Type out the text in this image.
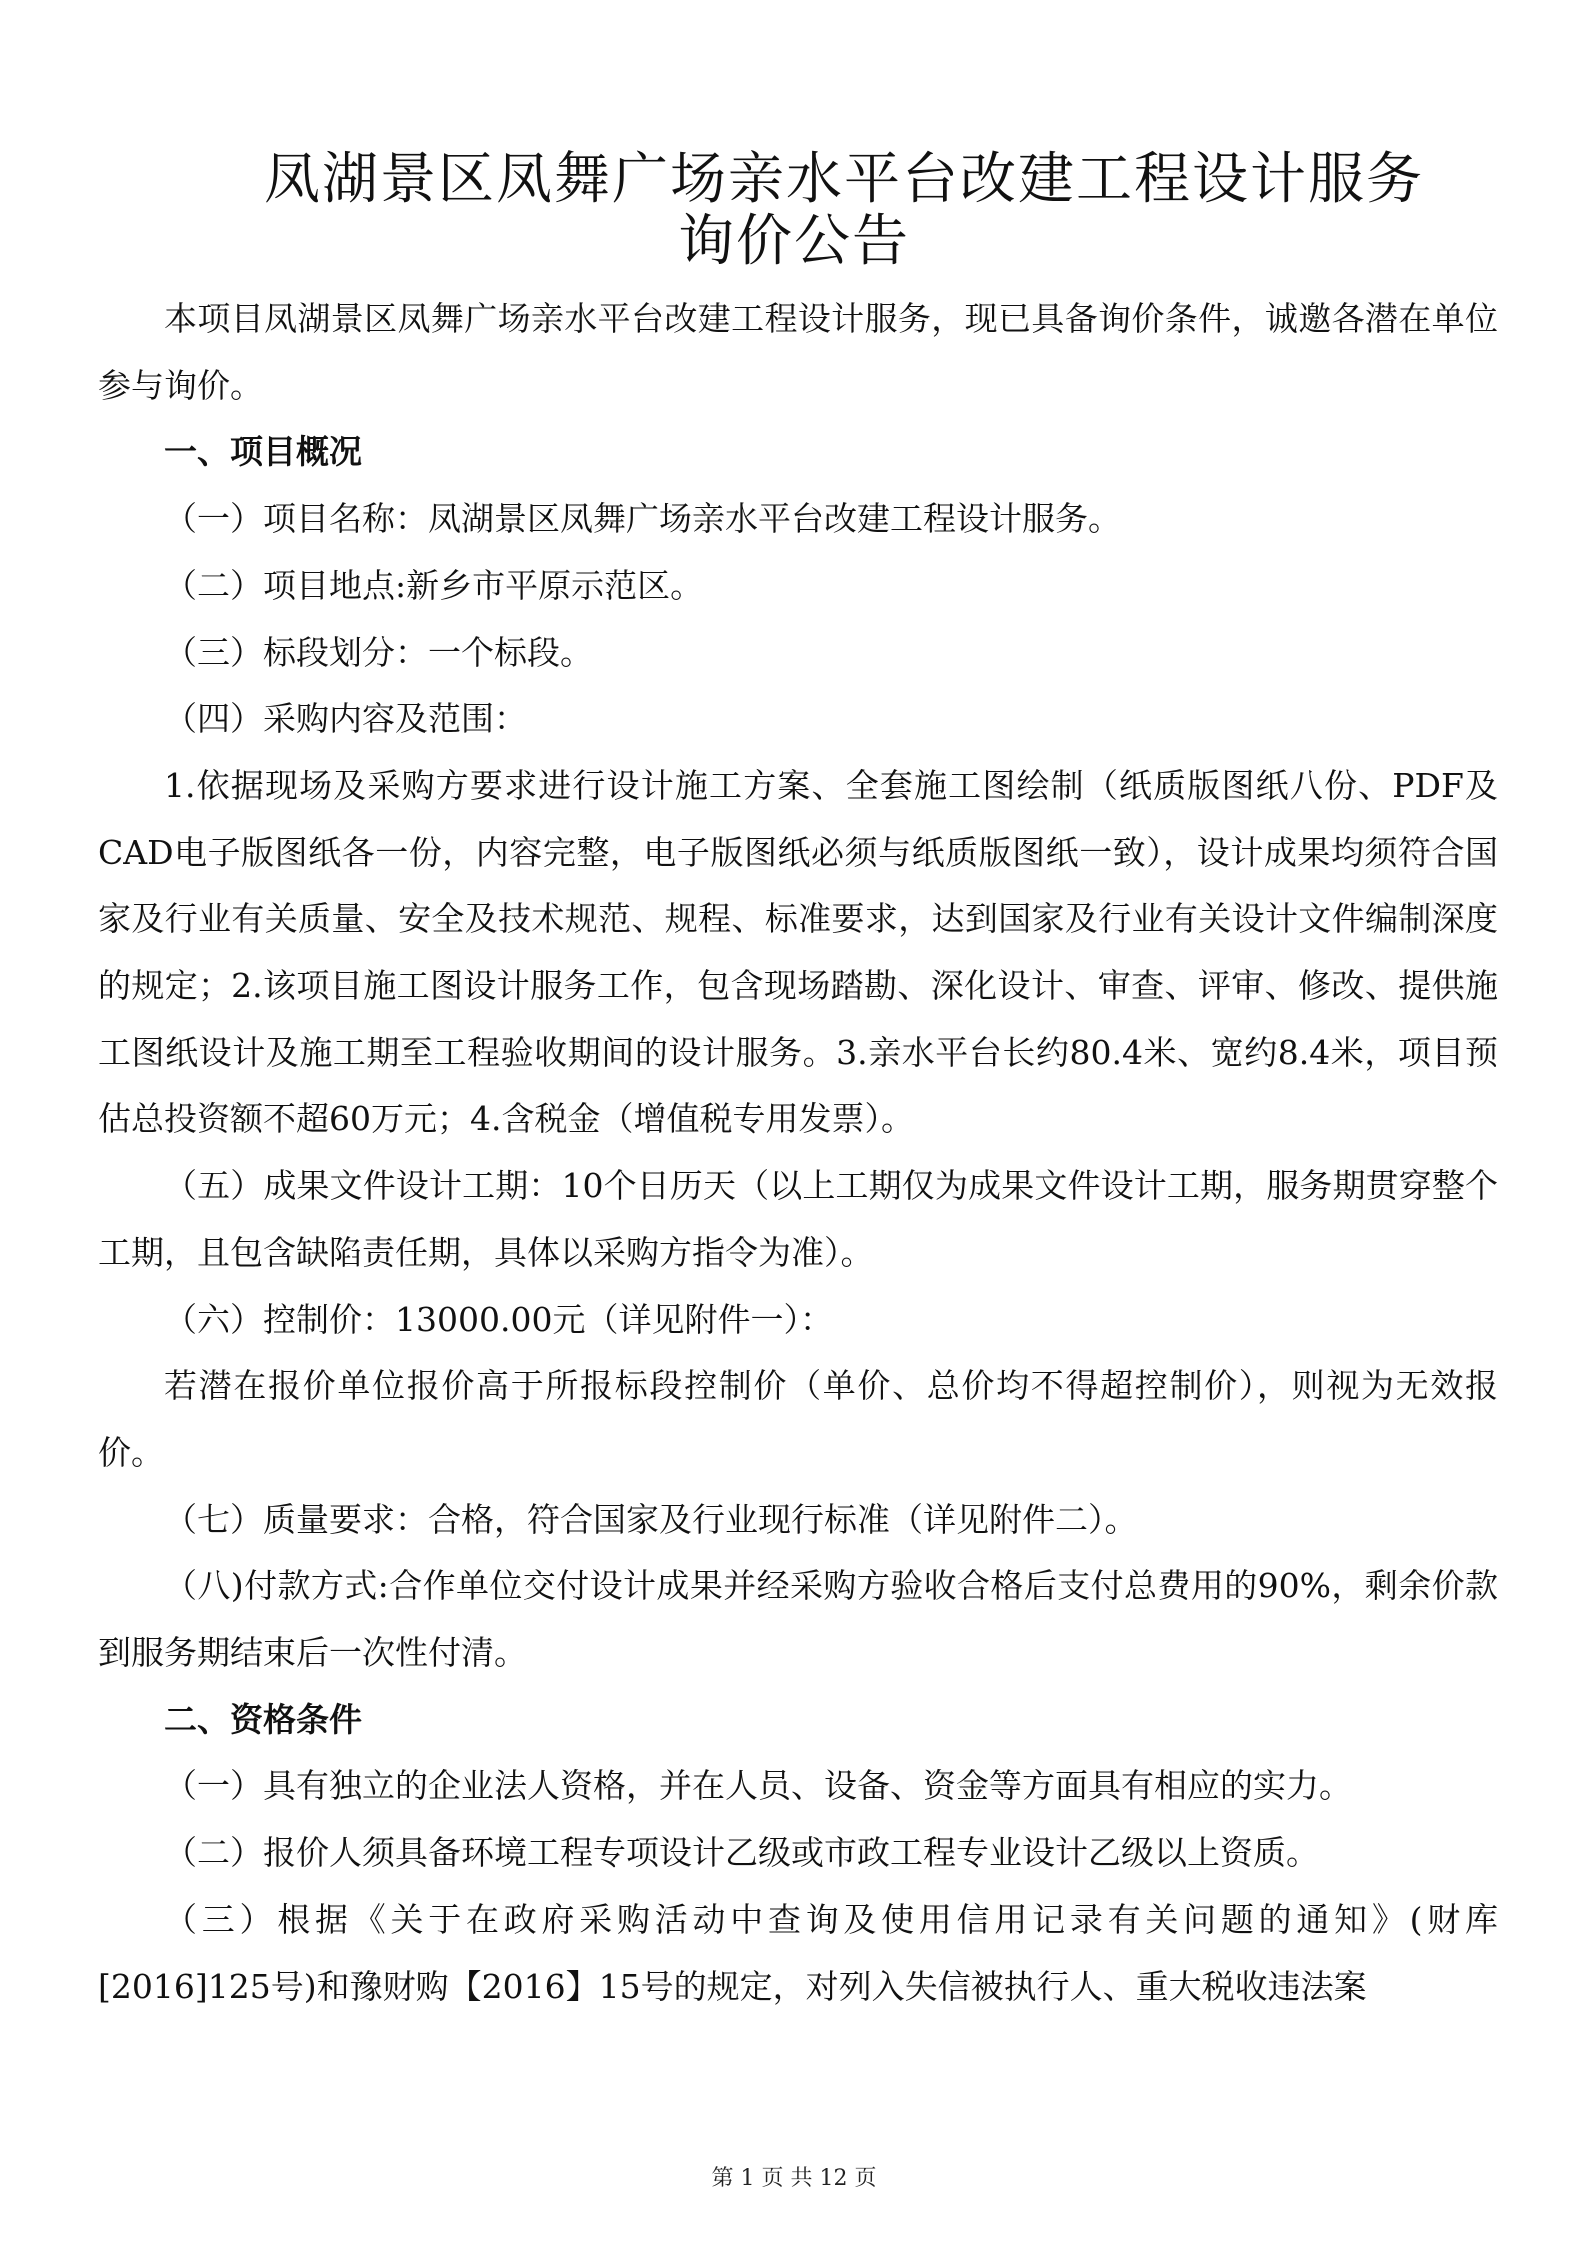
凤湖景区凤舞广场亲水平台改建工程设计服务
询价公告

本项目凤湖景区凤舞广场亲水平台改建工程设计服务，现已具备询价条件，诚邀各潜在单位参与询价。

一、项目概况

（一）项目名称：凤湖景区凤舞广场亲水平台改建工程设计服务。

（二）项目地点:新乡市平原示范区。

（三）标段划分：一个标段。

（四）采购内容及范围：

1.依据现场及采购方要求进行设计施工方案、全套施工图绘制（纸质版图纸八份、PDF及CAD电子版图纸各一份，内容完整，电子版图纸必须与纸质版图纸一致），设计成果均须符合国家及行业有关质量、安全及技术规范、规程、标准要求，达到国家及行业有关设计文件编制深度的规定；2.该项目施工图设计服务工作，包含现场踏勘、深化设计、审查、评审、修改、提供施工图纸设计及施工期至工程验收期间的设计服务。3.亲水平台长约80.4米、宽约8.4米，项目预估总投资额不超60万元；4.含税金（增值税专用发票）。

（五）成果文件设计工期：10个日历天（以上工期仅为成果文件设计工期，服务期贯穿整个工期，且包含缺陷责任期，具体以采购方指令为准）。

（六）控制价：13000.00元（详见附件一）：

若潜在报价单位报价高于所报标段控制价（单价、总价均不得超控制价），则视为无效报价。

（七）质量要求：合格，符合国家及行业现行标准（详见附件二）。

（八)付款方式:合作单位交付设计成果并经采购方验收合格后支付总费用的90%，剩余价款到服务期结束后一次性付清。

二、资格条件

（一）具有独立的企业法人资格，并在人员、设备、资金等方面具有相应的实力。

（二）报价人须具备环境工程专项设计乙级或市政工程专业设计乙级以上资质。

（三）根据《关于在政府采购活动中查询及使用信用记录有关问题的通知》(财库[2016]125号)和豫财购【2016】15号的规定，对列入失信被执行人、重大税收违法案

第 1 页 共 12 页
